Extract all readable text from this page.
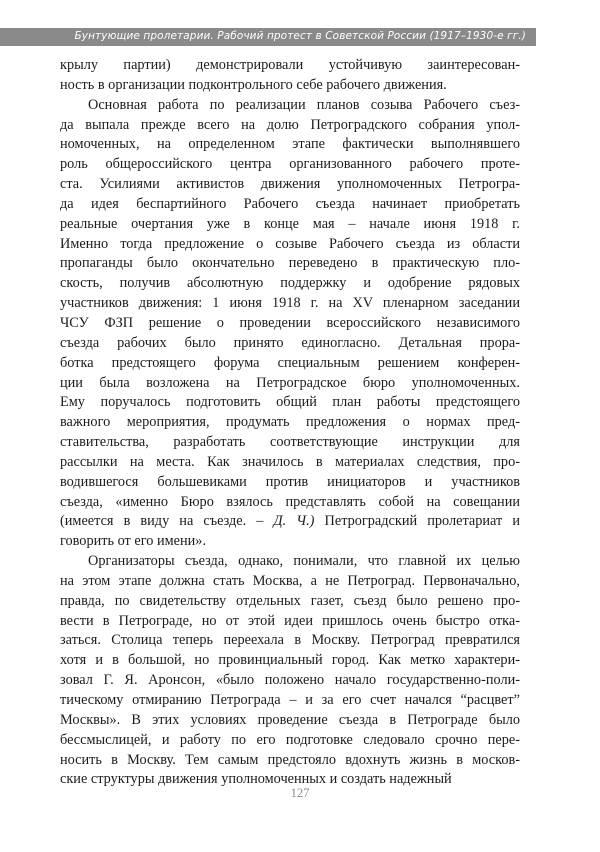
Бунтующие пролетарии. Рабочий протест в Советской России (1917–1930-е гг.)
крылу партии) демонстрировали устойчивую заинтересован-
ность в организации подконтрольного себе рабочего движения.
Основная работа по реализации планов созыва Рабочего съез-
да выпала прежде всего на долю Петроградского собрания упол-
номоченных, на определенном этапе фактически выполнявшего
роль общероссийского центра организованного рабочего проте-
ста. Усилиями активистов движения уполномоченных Петрогра-
да идея беспартийного Рабочего съезда начинает приобретать
реальные очертания уже в конце мая – начале июня 1918 г.
Именно тогда предложение о созыве Рабочего съезда из области
пропаганды было окончательно переведено в практическую пло-
скость, получив абсолютную поддержку и одобрение рядовых
участников движения: 1 июня 1918 г. на XV пленарном заседании
ЧСУ ФЗП решение о проведении всероссийского независимого
съезда рабочих было принято единогласно. Детальная прора-
ботка предстоящего форума специальным решением конферен-
ции была возложена на Петроградское бюро уполномоченных.
Ему поручалось подготовить общий план работы предстоящего
важного мероприятия, продумать предложения о нормах пред-
ставительства, разработать соответствующие инструкции для
рассылки на места. Как значилось в материалах следствия, про-
водившегося большевиками против инициаторов и участников
съезда, «именно Бюро взялось представлять собой на совещании
(имеется в виду на съезде. – Д. Ч.) Петроградский пролетариат и
говорить от его имени».
Организаторы съезда, однако, понимали, что главной их целью
на этом этапе должна стать Москва, а не Петроград. Первоначально,
правда, по свидетельству отдельных газет, съезд было решено про-
вести в Петрограде, но от этой идеи пришлось очень быстро отка-
заться. Столица теперь переехала в Москву. Петроград превратился
хотя и в большой, но провинциальный город. Как метко характери-
зовал Г. Я. Аронсон, «было положено начало государственно-поли-
тическому отмиранию Петрограда – и за его счет начался “расцвет”
Москвы». В этих условиях проведение съезда в Петрограде было
бессмыслицей, и работу по его подготовке следовало срочно пере-
носить в Москву. Тем самым предстояло вдохнуть жизнь в москов-
ские структуры движения уполномоченных и создать надежный
127
